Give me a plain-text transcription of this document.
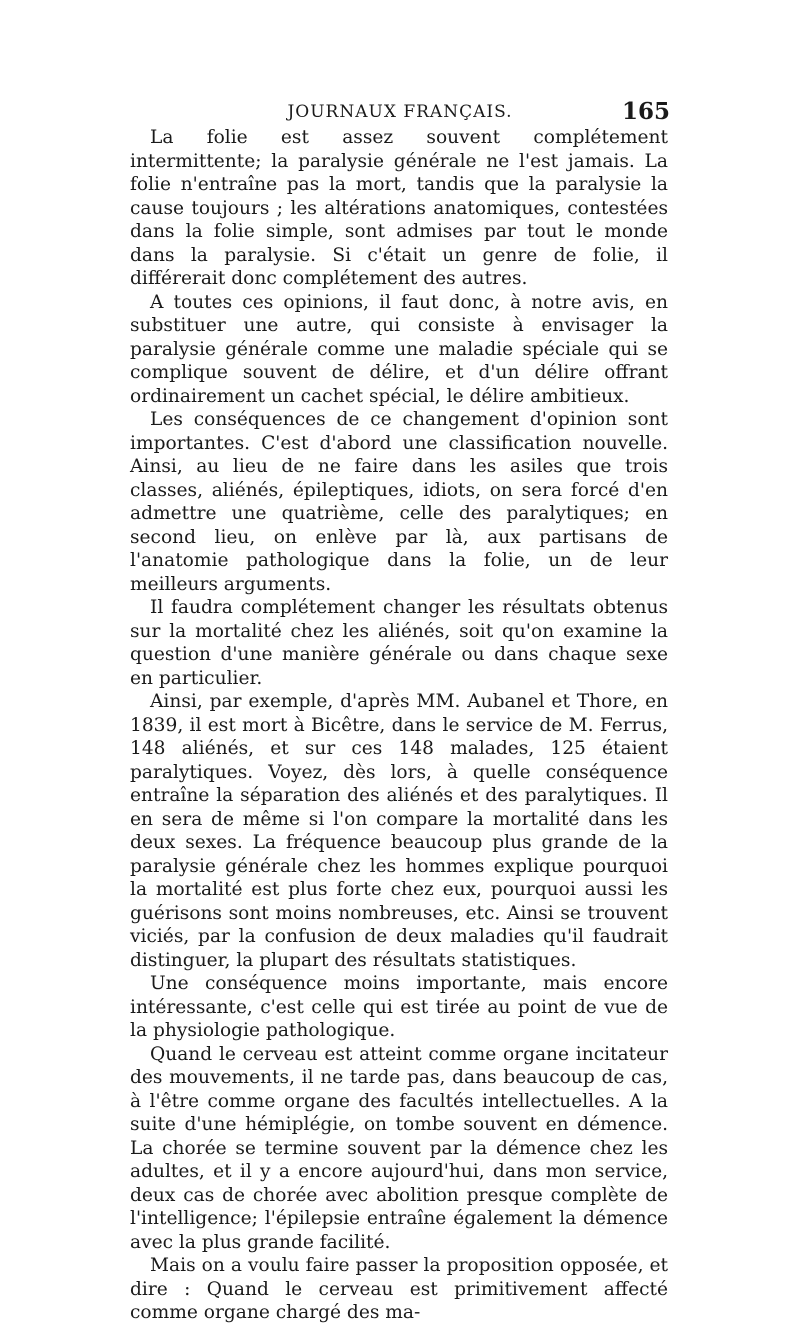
JOURNAUX FRANÇAIS.	165

La folie est assez souvent complétement intermittente; la paralysie générale ne l'est jamais. La folie n'entraîne pas la mort, tandis que la paralysie la cause toujours ; les altérations anatomiques, contestées dans la folie simple, sont admises par tout le monde dans la paralysie. Si c'était un genre de folie, il différerait donc complétement des autres.

A toutes ces opinions, il faut donc, à notre avis, en substituer une autre, qui consiste à envisager la paralysie générale comme une maladie spéciale qui se complique souvent de délire, et d'un délire offrant ordinairement un cachet spécial, le délire ambitieux.

Les conséquences de ce changement d'opinion sont importantes. C'est d'abord une classification nouvelle. Ainsi, au lieu de ne faire dans les asiles que trois classes, aliénés, épileptiques, idiots, on sera forcé d'en admettre une quatrième, celle des paralytiques; en second lieu, on enlève par là, aux partisans de l'anatomie pathologique dans la folie, un de leur meilleurs arguments.

Il faudra complétement changer les résultats obtenus sur la mortalité chez les aliénés, soit qu'on examine la question d'une manière générale ou dans chaque sexe en particulier.

Ainsi, par exemple, d'après MM. Aubanel et Thore, en 1839, il est mort à Bicêtre, dans le service de M. Ferrus, 148 aliénés, et sur ces 148 malades, 125 étaient paralytiques. Voyez, dès lors, à quelle conséquence entraîne la séparation des aliénés et des paralytiques. Il en sera de même si l'on compare la mortalité dans les deux sexes. La fréquence beaucoup plus grande de la paralysie générale chez les hommes explique pourquoi la mortalité est plus forte chez eux, pourquoi aussi les guérisons sont moins nombreuses, etc. Ainsi se trouvent viciés, par la confusion de deux maladies qu'il faudrait distinguer, la plupart des résultats statistiques.

Une conséquence moins importante, mais encore intéressante, c'est celle qui est tirée au point de vue de la physiologie pathologique.

Quand le cerveau est atteint comme organe incitateur des mouvements, il ne tarde pas, dans beaucoup de cas, à l'être comme organe des facultés intellectuelles. A la suite d'une hémiplégie, on tombe souvent en démence. La chorée se termine souvent par la démence chez les adultes, et il y a encore aujourd'hui, dans mon service, deux cas de chorée avec abolition presque complète de l'intelligence; l'épilepsie entraîne également la démence avec la plus grande facilité.

Mais on a voulu faire passer la proposition opposée, et dire : Quand le cerveau est primitivement affecté comme organe chargé des ma-
